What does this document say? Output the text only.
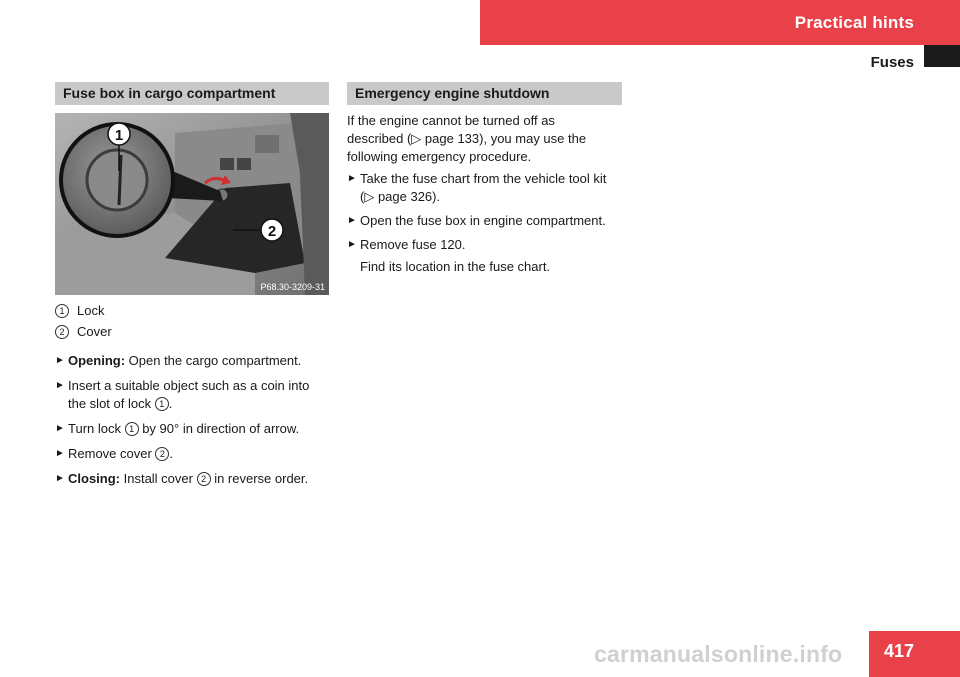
Practical hints
Fuses
Fuse box in cargo compartment
1
2
P68.30-3209-31
1 Lock
2 Cover
► Opening: Open the cargo compartment.
► Insert a suitable object such as a coin into
the slot of lock 1 .
► Turn lock 1 by 90° in direction of arrow.
► Remove cover 2 .
► Closing: Install cover 2 in reverse order.
Emergency engine shutdown
If the engine cannot be turned off as
described (▷ page 133), you may use the
following emergency procedure.
► Take the fuse chart from the vehicle tool kit
(▷ page 326).
► Open the fuse box in engine compartment.
► Remove fuse 120.
Find its location in the fuse chart.
carmanualsonline.info 417
